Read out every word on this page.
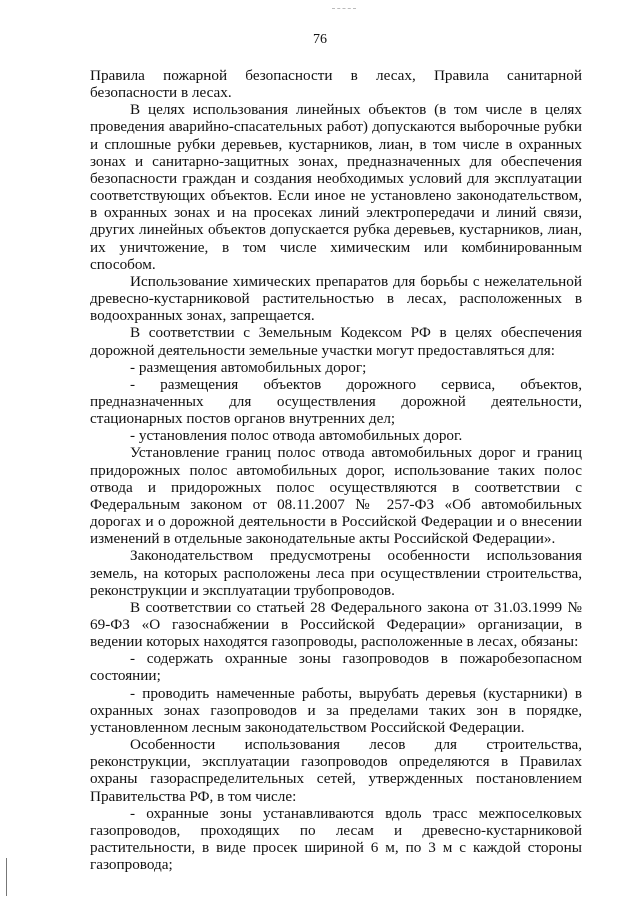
76

Правила пожарной безопасности в лесах, Правила санитарной безопасности в лесах.

В целях использования линейных объектов (в том числе в целях проведения аварийно-спасательных работ) допускаются выборочные рубки и сплошные рубки деревьев, кустарников, лиан, в том числе в охранных зонах и санитарно-защитных зонах, предназначенных для обеспечения безопасности граждан и создания необходимых условий для эксплуатации соответствующих объектов. Если иное не установлено законодательством, в охранных зонах и на просеках линий электропередачи и линий связи, других линейных объектов допускается рубка деревьев, кустарников, лиан, их уничтожение, в том числе химическим или комбинированным способом.

Использование химических препаратов для борьбы с нежелательной древесно-кустарниковой растительностью в лесах, расположенных в водоохранных зонах, запрещается.

В соответствии с Земельным Кодексом РФ в целях обеспечения дорожной деятельности земельные участки могут предоставляться для:

- размещения автомобильных дорог;

- размещения объектов дорожного сервиса, объектов, предназначенных для осуществления дорожной деятельности, стационарных постов органов внутренних дел;

- установления полос отвода автомобильных дорог.

Установление границ полос отвода автомобильных дорог и границ придорожных полос автомобильных дорог, использование таких полос отвода и придорожных полос осуществляются в соответствии с Федеральным законом от 08.11.2007 № 257-ФЗ «Об автомобильных дорогах и о дорожной деятельности в Российской Федерации и о внесении изменений в отдельные законодательные акты Российской Федерации».

Законодательством предусмотрены особенности использования земель, на которых расположены леса при осуществлении строительства, реконструкции и эксплуатации трубопроводов.

В соответствии со статьей 28 Федерального закона от 31.03.1999 № 69-ФЗ «О газоснабжении в Российской Федерации» организации, в ведении которых находятся газопроводы, расположенные в лесах, обязаны:

- содержать охранные зоны газопроводов в пожаробезопасном состоянии;

- проводить намеченные работы, вырубать деревья (кустарники) в охранных зонах газопроводов и за пределами таких зон в порядке, установленном лесным законодательством Российской Федерации.

Особенности использования лесов для строительства, реконструкции, эксплуатации газопроводов определяются в Правилах охраны газораспределительных сетей, утвержденных постановлением Правительства РФ, в том числе:

- охранные зоны устанавливаются вдоль трасс межпоселковых газопроводов, проходящих по лесам и древесно-кустарниковой растительности, в виде просек шириной 6 м, по 3 м с каждой стороны газопровода;
